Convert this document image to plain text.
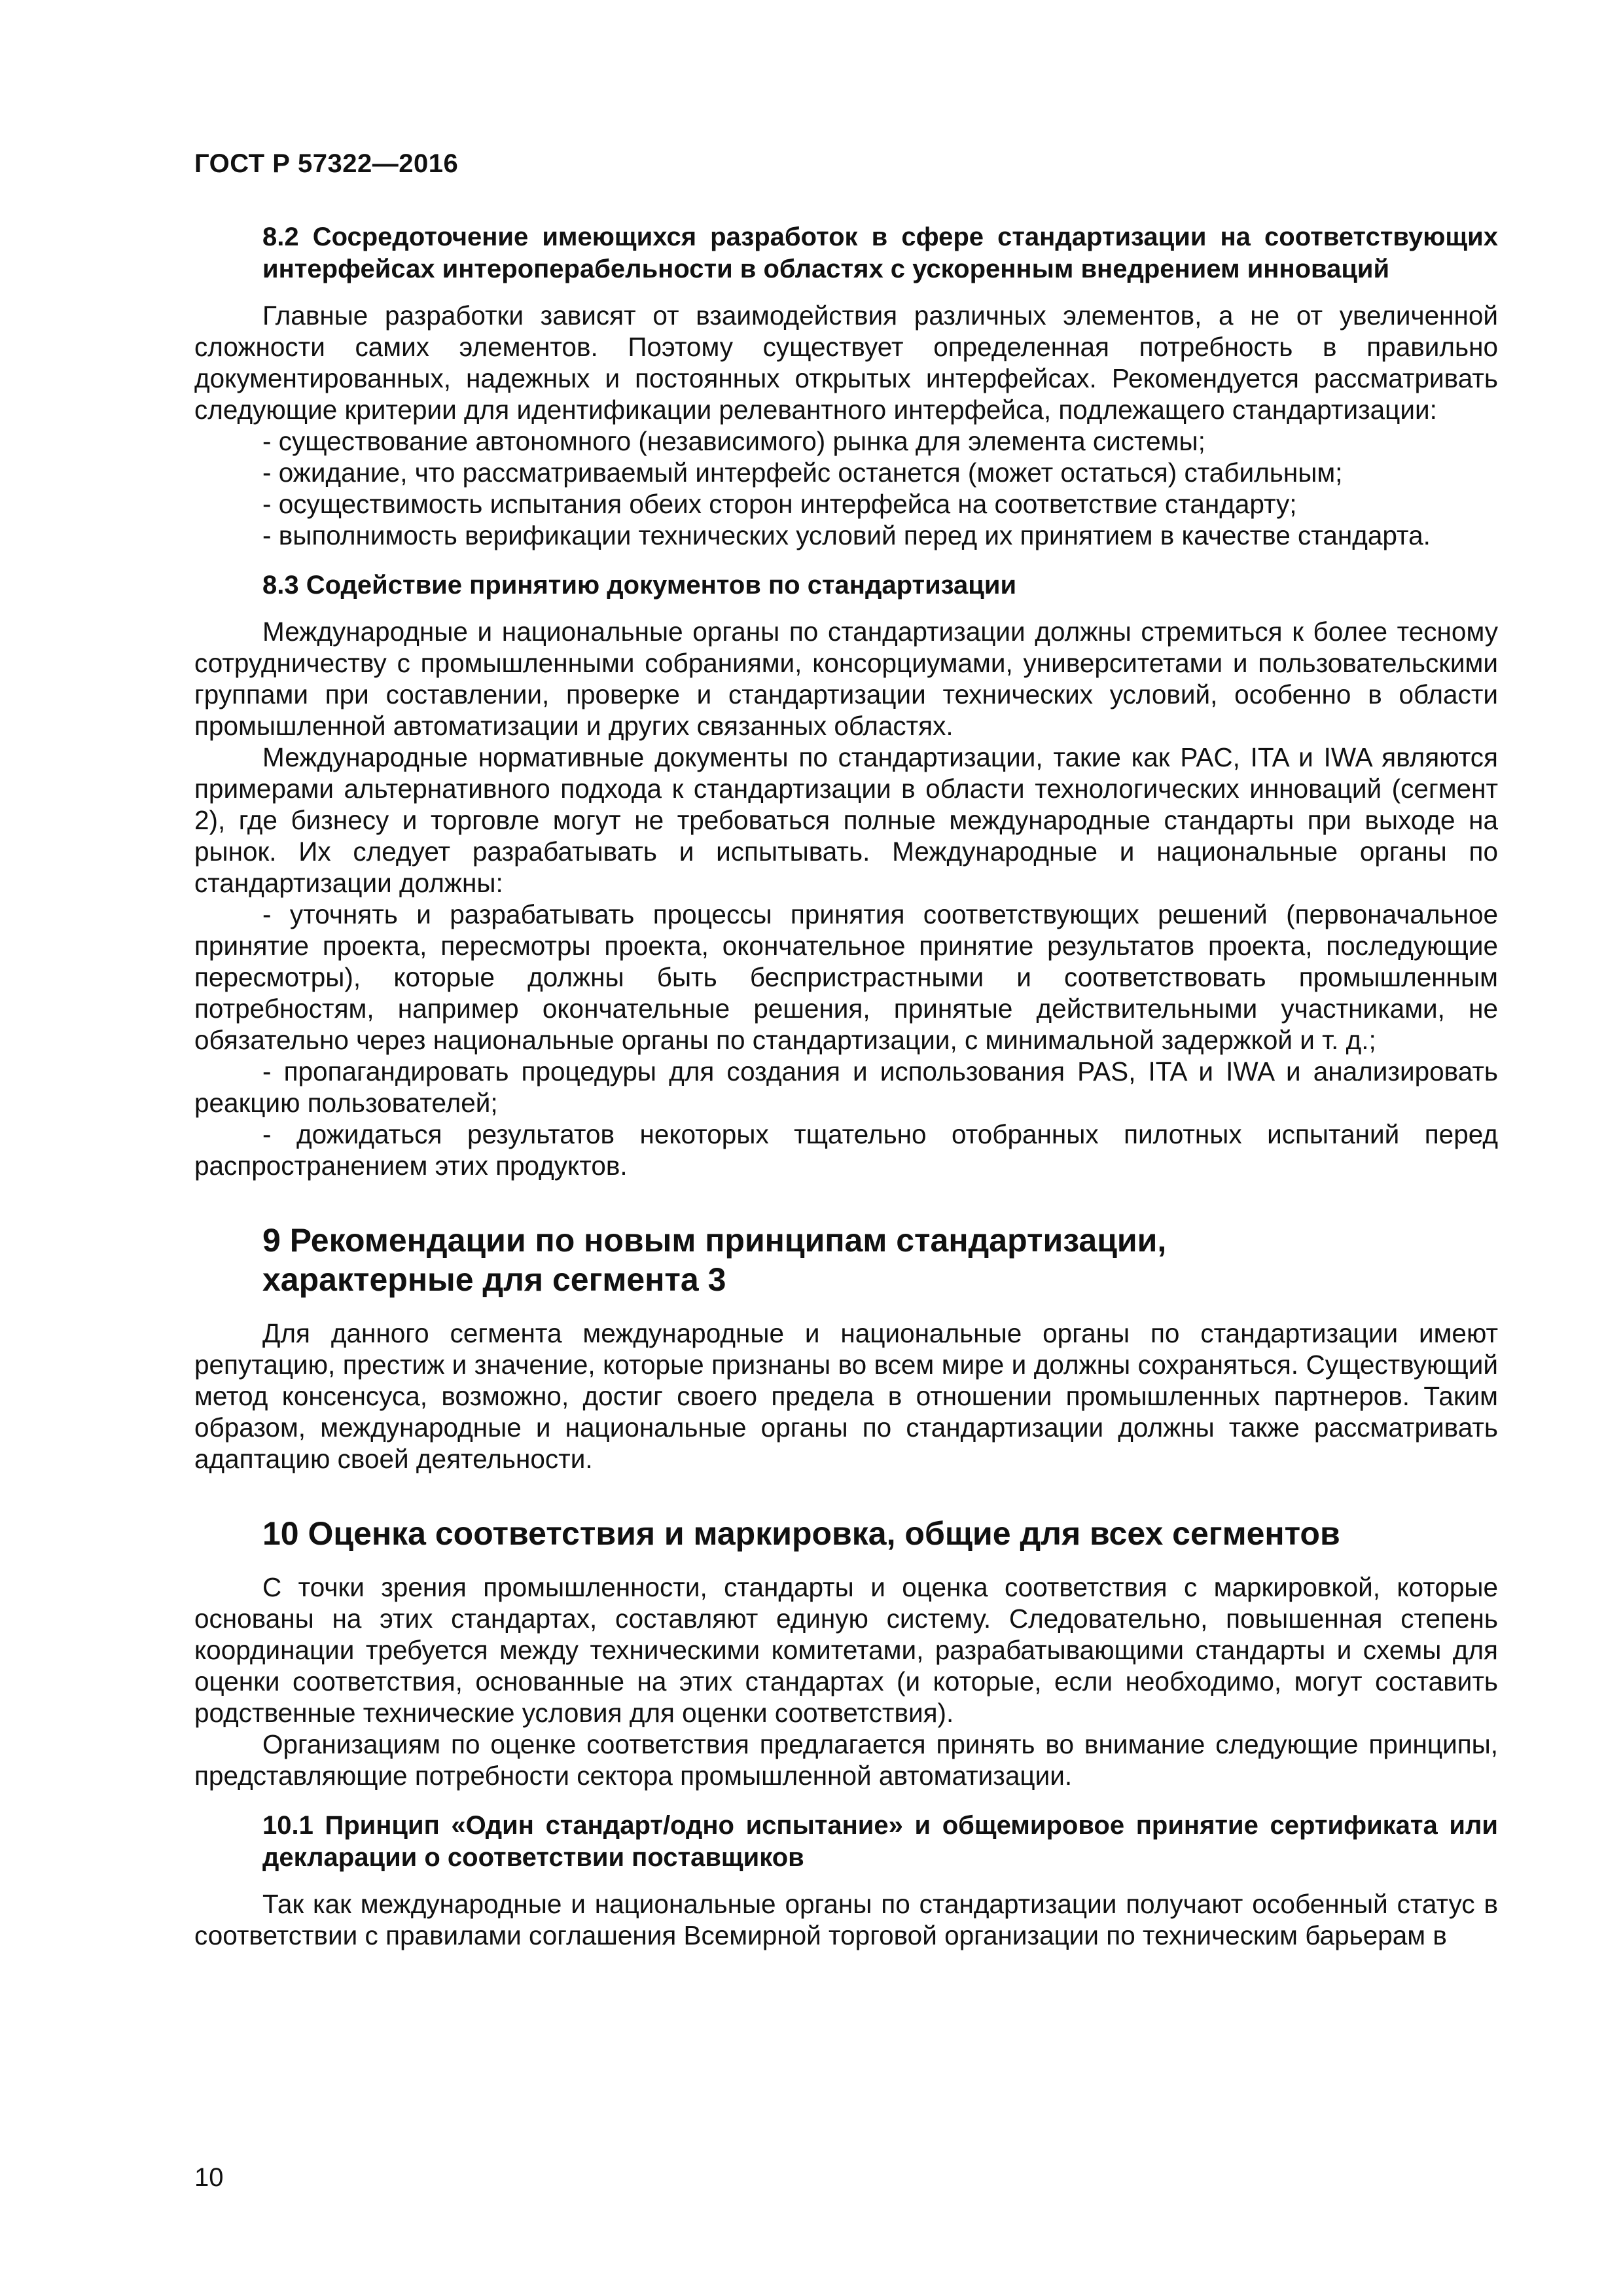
ГОСТ Р 57322—2016

8.2 Сосредоточение имеющихся разработок в сфере стандартизации на соответствующих интерфейсах интероперабельности в областях с ускоренным внедрением инноваций

Главные разработки зависят от взаимодействия различных элементов, а не от увеличенной сложности самих элементов. Поэтому существует определенная потребность в правильно документированных, надежных и постоянных открытых интерфейсах. Рекомендуется рассматривать следующие критерии для идентификации релевантного интерфейса, подлежащего стандартизации:

- существование автономного (независимого) рынка для элемента системы;

- ожидание, что рассматриваемый интерфейс останется (может остаться) стабильным;

- осуществимость испытания обеих сторон интерфейса на соответствие стандарту;

- выполнимость верификации технических условий перед их принятием в качестве стандарта.

8.3 Содействие принятию документов по стандартизации

Международные и национальные органы по стандартизации должны стремиться к более тесному сотрудничеству с промышленными собраниями, консорциумами, университетами и пользовательскими группами при составлении, проверке и стандартизации технических условий, особенно в области промышленной автоматизации и других связанных областях.

Международные нормативные документы по стандартизации, такие как PAC, ITA и IWA являются примерами альтернативного подхода к стандартизации в области технологических инноваций (сегмент 2), где бизнесу и торговле могут не требоваться полные международные стандарты при выходе на рынок. Их следует разрабатывать и испытывать. Международные и национальные органы по стандартизации должны:

- уточнять и разрабатывать процессы принятия соответствующих решений (первоначальное принятие проекта, пересмотры проекта, окончательное принятие результатов проекта, последующие пересмотры), которые должны быть беспристрастными и соответствовать промышленным потребностям, например окончательные решения, принятые действительными участниками, не обязательно через национальные органы по стандартизации, с минимальной задержкой и т. д.;

- пропагандировать процедуры для создания и использования PAS, ITA и IWA и анализировать реакцию пользователей;

- дожидаться результатов некоторых тщательно отобранных пилотных испытаний перед распространением этих продуктов.

9 Рекомендации по новым принципам стандартизации,
характерные для сегмента 3

Для данного сегмента международные и национальные органы по стандартизации имеют репутацию, престиж и значение, которые признаны во всем мире и должны сохраняться. Существующий метод консенсуса, возможно, достиг своего предела в отношении промышленных партнеров. Таким образом, международные и национальные органы по стандартизации должны также рассматривать адаптацию своей деятельности.

10 Оценка соответствия и маркировка, общие для всех сегментов

С точки зрения промышленности, стандарты и оценка соответствия с маркировкой, которые основаны на этих стандартах, составляют единую систему. Следовательно, повышенная степень координации требуется между техническими комитетами, разрабатывающими стандарты и схемы для оценки соответствия, основанные на этих стандартах (и которые, если необходимо, могут составить родственные технические условия для оценки соответствия).

Организациям по оценке соответствия предлагается принять во внимание следующие принципы, представляющие потребности сектора промышленной автоматизации.

10.1 Принцип «Один стандарт/одно испытание» и общемировое принятие сертификата или декларации о соответствии поставщиков

Так как международные и национальные органы по стандартизации получают особенный статус в соответствии с правилами соглашения Всемирной торговой организации по техническим барьерам в

10
